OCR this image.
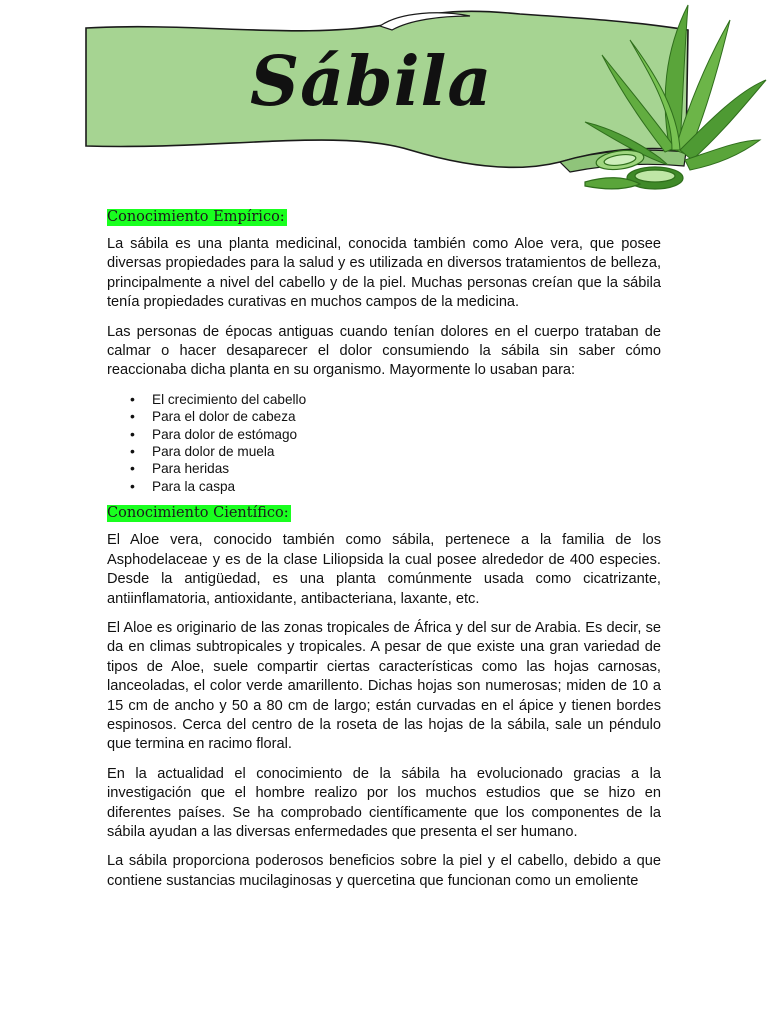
Sábila
Conocimiento Empírico:

La sábila es una planta medicinal, conocida también como Aloe vera, que posee diversas propiedades para la salud y es utilizada en diversos tratamientos de belleza, principalmente a nivel del cabello y de la piel. Muchas personas creían que la sábila tenía propiedades curativas en muchos campos de la medicina.

Las personas de épocas antiguas cuando tenían dolores en el cuerpo trataban de calmar o hacer desaparecer el dolor consumiendo la sábila sin saber cómo reaccionaba dicha planta en su organismo. Mayormente lo usaban para:

• El crecimiento del cabello
• Para el dolor de cabeza
• Para dolor de estómago
• Para dolor de muela
• Para heridas
• Para la caspa
Conocimiento Científico:

El Aloe vera, conocido también como sábila, pertenece a la familia de los Asphodelaceae y es de la clase Liliopsida la cual posee alrededor de 400 especies. Desde la antigüedad, es una planta comúnmente usada como cicatrizante, antiinflamatoria, antioxidante, antibacteriana, laxante, etc.

El Aloe es originario de las zonas tropicales de África y del sur de Arabia. Es decir, se da en climas subtropicales y tropicales. A pesar de que existe una gran variedad de tipos de Aloe, suele compartir ciertas características como las hojas carnosas, lanceoladas, el color verde amarillento. Dichas hojas son numerosas; miden de 10 a 15 cm de ancho y 50 a 80 cm de largo; están curvadas en el ápice y tienen bordes espinosos. Cerca del centro de la roseta de las hojas de la sábila, sale un péndulo que termina en racimo floral.

En la actualidad el conocimiento de la sábila ha evolucionado gracias a la investigación que el hombre realizo por los muchos estudios que se hizo en diferentes países. Se ha comprobado científicamente que los componentes de la sábila ayudan a las diversas enfermedades que presenta el ser humano.

La sábila proporciona poderosos beneficios sobre la piel y el cabello, debido a que contiene sustancias mucilaginosas y quercetina que funcionan como un emoliente
